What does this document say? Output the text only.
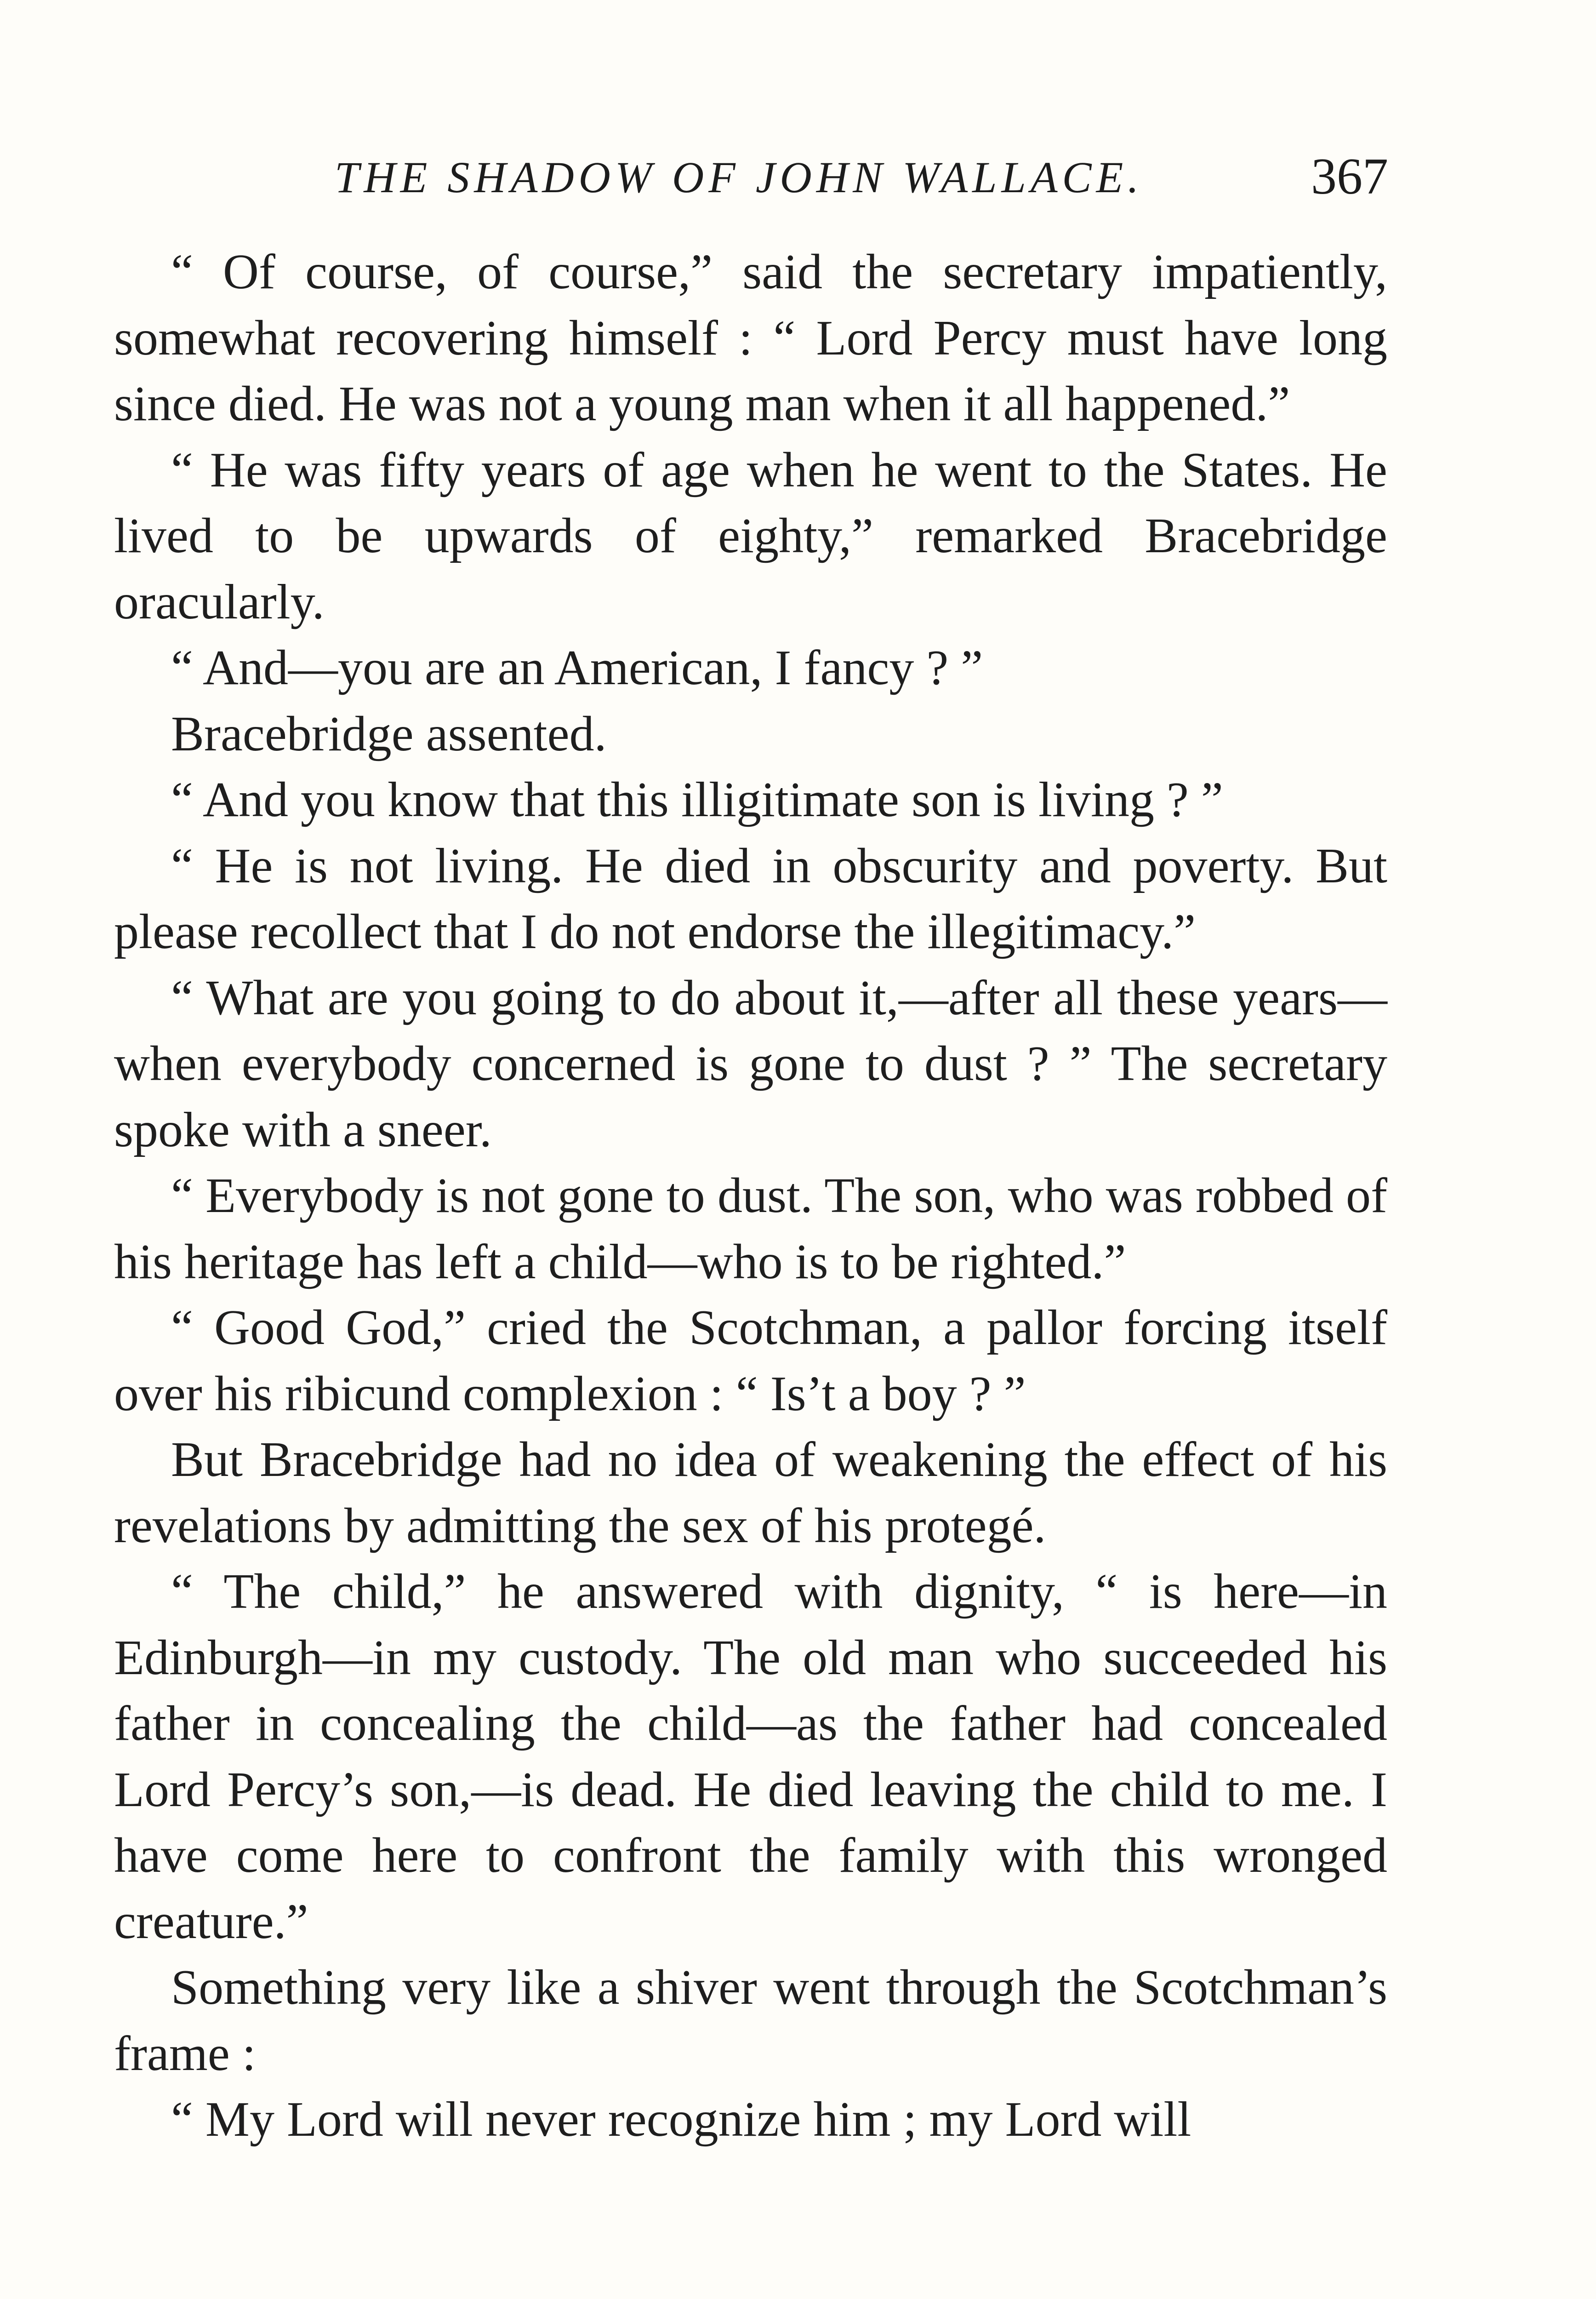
THE SHADOW OF JOHN WALLACE.	367

“ Of course, of course,” said the secretary impatiently, somewhat recovering himself : “ Lord Percy must have long since died. He was not a young man when it all happened.”

“ He was fifty years of age when he went to the States. He lived to be upwards of eighty,” remarked Bracebridge oracularly.

“ And—you are an American, I fancy ? ”

Bracebridge assented.

“ And you know that this illigitimate son is living ? ”

“ He is not living. He died in obscurity and poverty. But please recollect that I do not endorse the illegitimacy.”

“ What are you going to do about it,—after all these years—when everybody concerned is gone to dust ? ” The secretary spoke with a sneer.

“ Everybody is not gone to dust. The son, who was robbed of his heritage has left a child—who is to be righted.”

“ Good God,” cried the Scotchman, a pallor forcing itself over his ribicund complexion : “ Is’t a boy ? ”

But Bracebridge had no idea of weakening the effect of his revelations by admitting the sex of his protegé.

“ The child,” he answered with dignity, “ is here—in Edinburgh—in my custody. The old man who succeeded his father in concealing the child—as the father had concealed Lord Percy’s son,—is dead. He died leaving the child to me. I have come here to confront the family with this wronged creature.”

Something very like a shiver went through the Scotchman’s frame :

“ My Lord will never recognize him ; my Lord will
